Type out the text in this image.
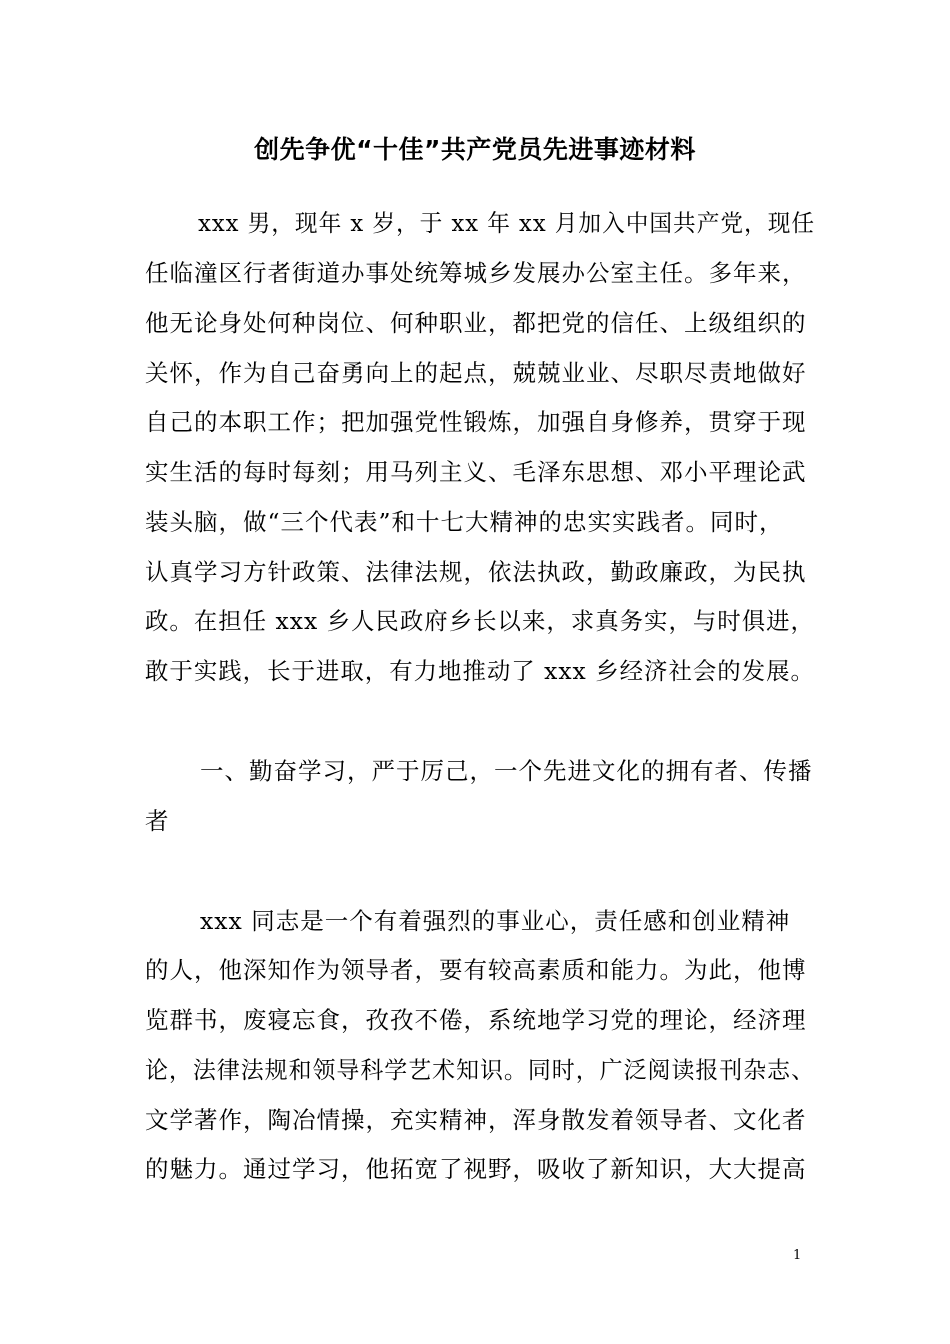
创先争优“十佳”共产党员先进事迹材料
xxx 男，现年 x 岁，于 xx 年 xx 月加入中国共产党，现任
任临潼区行者街道办事处统筹城乡发展办公室主任。多年来，
他无论身处何种岗位、何种职业，都把党的信任、上级组织的
关怀，作为自己奋勇向上的起点，兢兢业业、尽职尽责地做好
自己的本职工作；把加强党性锻炼，加强自身修养，贯穿于现
实生活的每时每刻；用马列主义、毛泽东思想、邓小平理论武
装头脑，做“三个代表”和十七大精神的忠实实践者。同时，
认真学习方针政策、法律法规，依法执政，勤政廉政，为民执
政。在担任 xxx 乡人民政府乡长以来，求真务实，与时俱进，
敢于实践，长于进取，有力地推动了 xxx 乡经济社会的发展。
一、勤奋学习，严于厉己，一个先进文化的拥有者、传播
者
xxx 同志是一个有着强烈的事业心，责任感和创业精神
的人，他深知作为领导者，要有较高素质和能力。为此，他博
览群书，废寝忘食，孜孜不倦，系统地学习党的理论，经济理
论，法律法规和领导科学艺术知识。同时，广泛阅读报刊杂志、
文学著作，陶冶情操，充实精神，浑身散发着领导者、文化者
的魅力。通过学习，他拓宽了视野，吸收了新知识，大大提高
1
